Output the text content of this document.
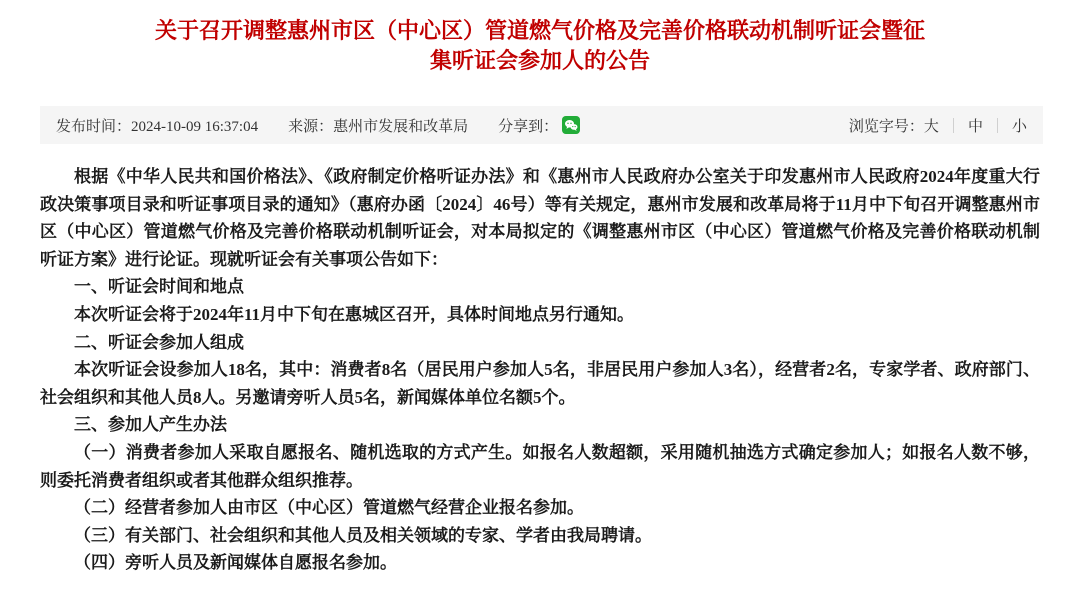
关于召开调整惠州市区（中心区）管道燃气价格及完善价格联动机制听证会暨征
集听证会参加人的公告
发布时间：2024-10-09 16:37:04 来源：惠州市发展和改革局 分享到：	浏览字号：大 ｜ 中 ｜ 小

根据《中华人民共和国价格法》、《政府制定价格听证办法》和《惠州市人民政府办公室关于印发惠州市人民政府2024年度重大行政决策事项目录和听证事项目录的通知》（惠府办函〔2024〕46号）等有关规定，惠州市发展和改革局将于11月中下旬召开调整惠州市区（中心区）管道燃气价格及完善价格联动机制听证会，对本局拟定的《调整惠州市区（中心区）管道燃气价格及完善价格联动机制听证方案》进行论证。现就听证会有关事项公告如下：

一、听证会时间和地点

本次听证会将于2024年11月中下旬在惠城区召开，具体时间地点另行通知。

二、听证会参加人组成

本次听证会设参加人18名，其中：消费者8名（居民用户参加人5名，非居民用户参加人3名），经营者2名，专家学者、政府部门、社会组织和其他人员8人。另邀请旁听人员5名，新闻媒体单位名额5个。

三、参加人产生办法

（一）消费者参加人采取自愿报名、随机选取的方式产生。如报名人数超额，采用随机抽选方式确定参加人；如报名人数不够，则委托消费者组织或者其他群众组织推荐。

（二）经营者参加人由市区（中心区）管道燃气经营企业报名参加。

（三）有关部门、社会组织和其他人员及相关领域的专家、学者由我局聘请。

（四）旁听人员及新闻媒体自愿报名参加。
